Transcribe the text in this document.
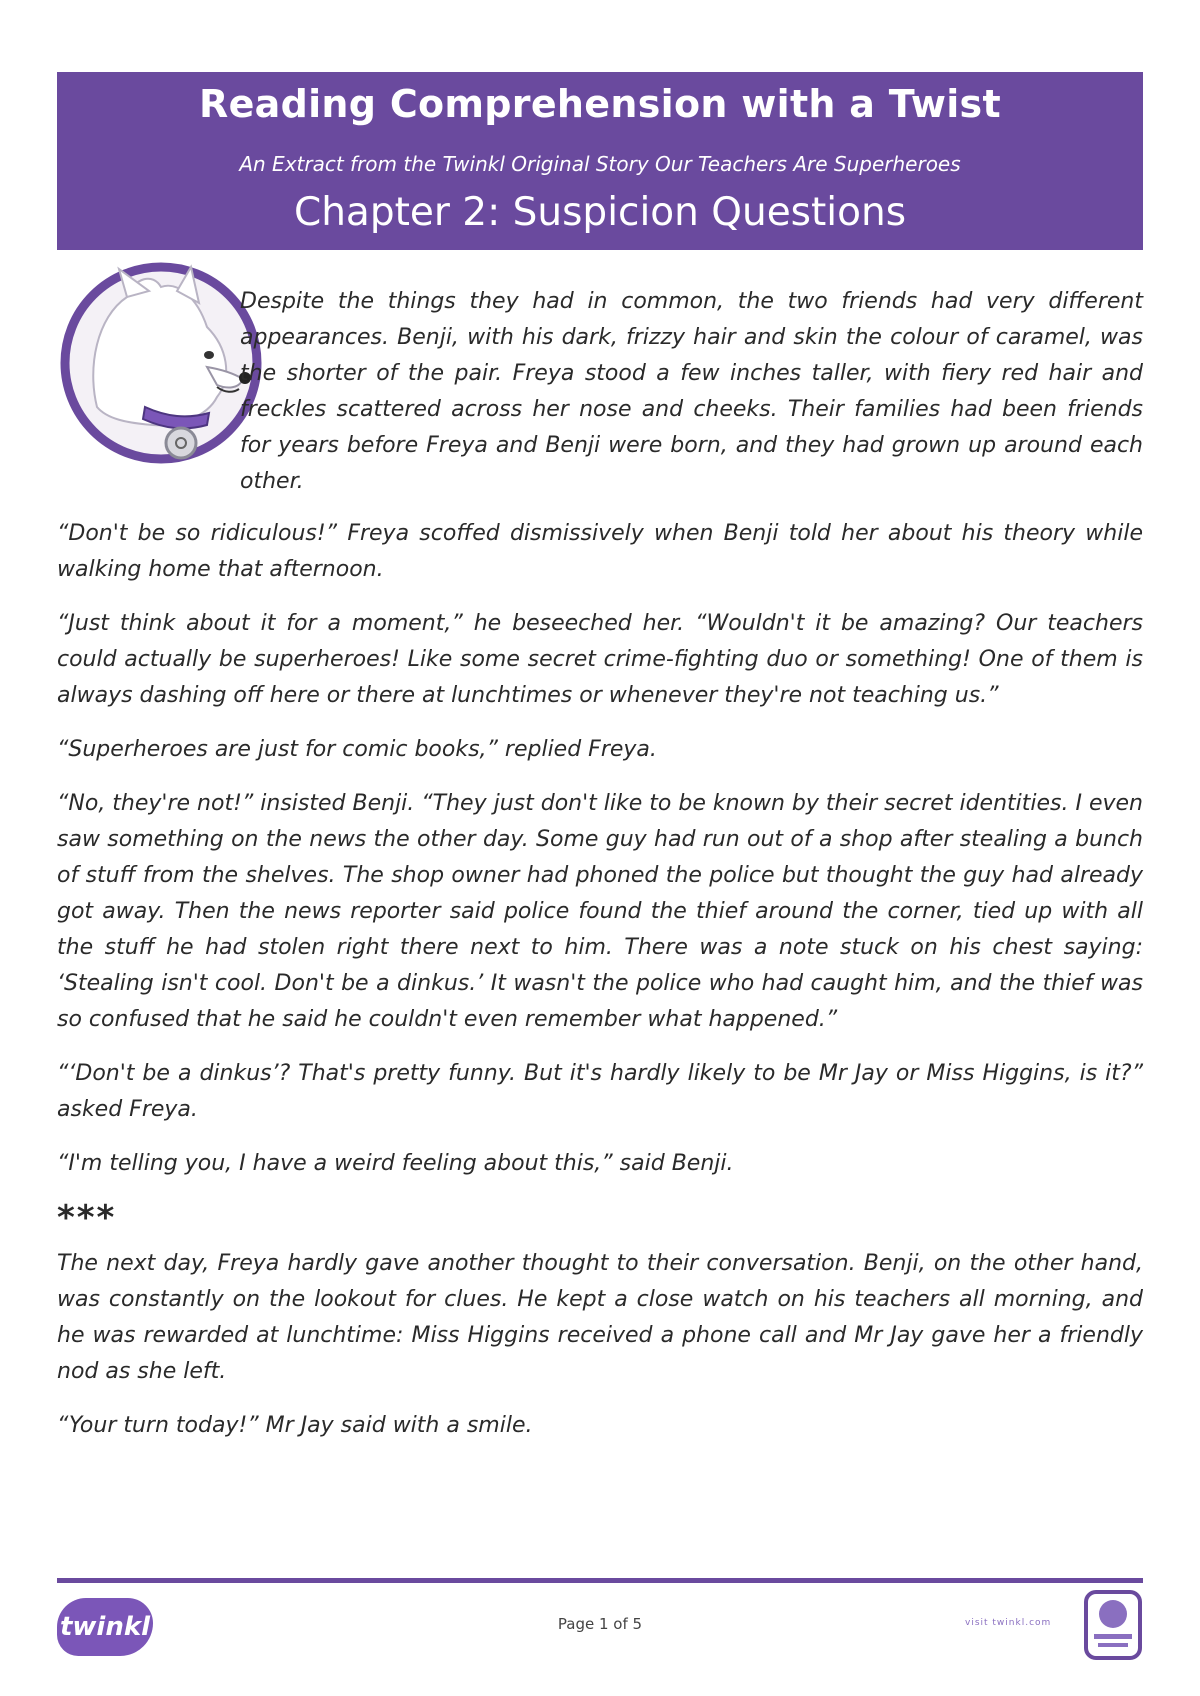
Reading Comprehension with a Twist
An Extract from the Twinkl Original Story Our Teachers Are Superheroes
Chapter 2: Suspicion Questions

Despite the things they had in common, the two friends had very different appearances. Benji, with his dark, frizzy hair and skin the colour of caramel, was the shorter of the pair. Freya stood a few inches taller, with fiery red hair and freckles scattered across her nose and cheeks. Their families had been friends for years before Freya and Benji were born, and they had grown up around each other.

“Don't be so ridiculous!” Freya scoffed dismissively when Benji told her about his theory while walking home that afternoon.

“Just think about it for a moment,” he beseeched her. “Wouldn't it be amazing? Our teachers could actually be superheroes! Like some secret crime-fighting duo or something! One of them is always dashing off here or there at lunchtimes or whenever they're not teaching us.”

“Superheroes are just for comic books,” replied Freya.

“No, they're not!” insisted Benji. “They just don't like to be known by their secret identities. I even saw something on the news the other day. Some guy had run out of a shop after stealing a bunch of stuff from the shelves. The shop owner had phoned the police but thought the guy had already got away. Then the news reporter said police found the thief around the corner, tied up with all the stuff he had stolen right there next to him. There was a note stuck on his chest saying: ‘Stealing isn't cool. Don't be a dinkus.’ It wasn't the police who had caught him, and the thief was so confused that he said he couldn't even remember what happened.”

“‘Don't be a dinkus’? That's pretty funny. But it's hardly likely to be Mr Jay or Miss Higgins, is it?” asked Freya.

“I'm telling you, I have a weird feeling about this,” said Benji.

***

The next day, Freya hardly gave another thought to their conversation. Benji, on the other hand, was constantly on the lookout for clues. He kept a close watch on his teachers all morning, and he was rewarded at lunchtime: Miss Higgins received a phone call and Mr Jay gave her a friendly nod as she left.

“Your turn today!” Mr Jay said with a smile.

twinkl	Page 1 of 5	visit twinkl.com
